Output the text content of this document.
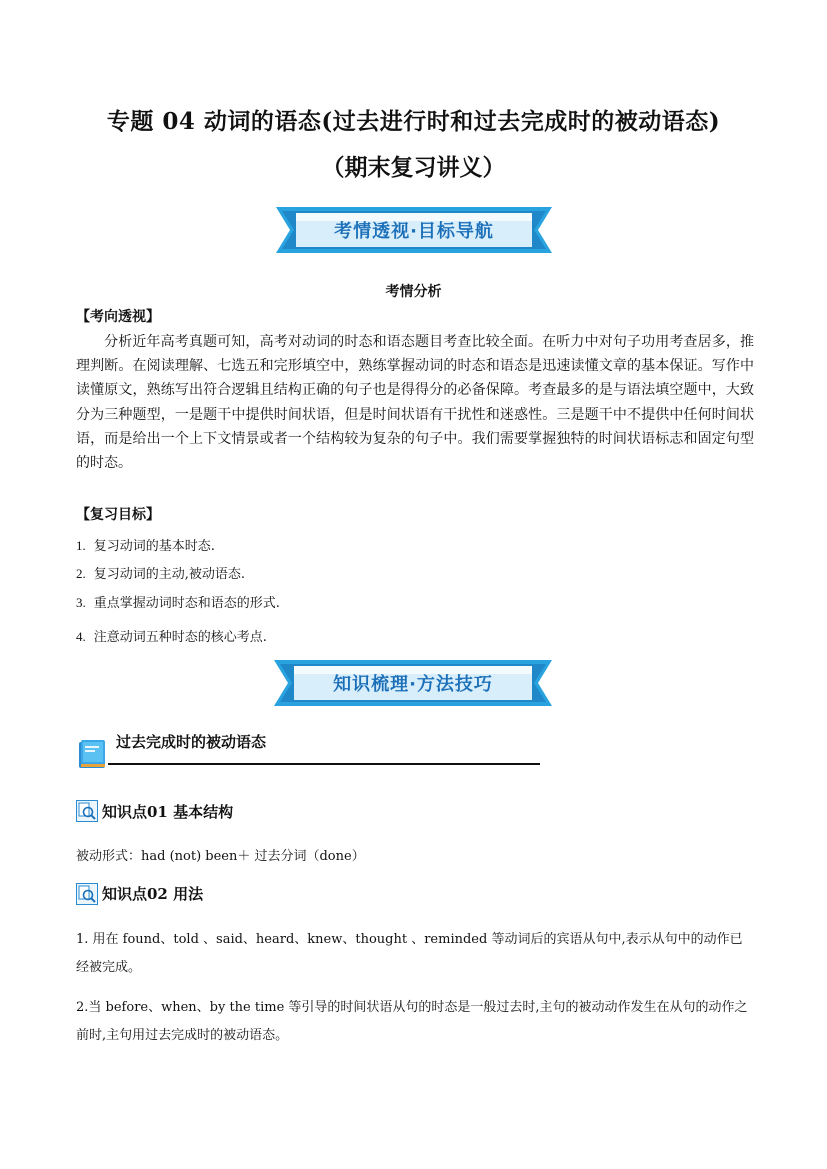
专题 04 动词的语态(过去进行时和过去完成时的被动语态)
（期末复习讲义）
考情透视·目标导航
考情分析
【考向透视】
分析近年高考真题可知，高考对动词的时态和语态题目考查比较全面。在听力中对句子功用考查居多，推理判断。在阅读理解、七选五和完形填空中，熟练掌握动词的时态和语态是迅速读懂文章的基本保证。写作中读懂原文，熟练写出符合逻辑且结构正确的句子也是得得分的必备保障。考查最多的是与语法填空题中，大致分为三种题型，一是题干中提供时间状语，但是时间状语有干扰性和迷惑性。三是题干中不提供中任何时间状语，而是给出一个上下文情景或者一个结构较为复杂的句子中。我们需要掌握独特的时间状语标志和固定句型的时态。
【复习目标】
1. 复习动词的基本时态.
2. 复习动词的主动,被动语态.
3. 重点掌握动词时态和语态的形式.
4. 注意动词五种时态的核心考点.
知识梳理·方法技巧
过去完成时的被动语态
知识点01 基本结构
被动形式：had (not) been＋ 过去分词（done）
知识点02 用法
1. 用在 found、told 、said、heard、knew、thought 、reminded 等动词后的宾语从句中,表示从句中的动作已经被完成。
2.当 before、when、by the time 等引导的时间状语从句的时态是一般过去时,主句的被动动作发生在从句的动作之前时,主句用过去完成时的被动语态。
